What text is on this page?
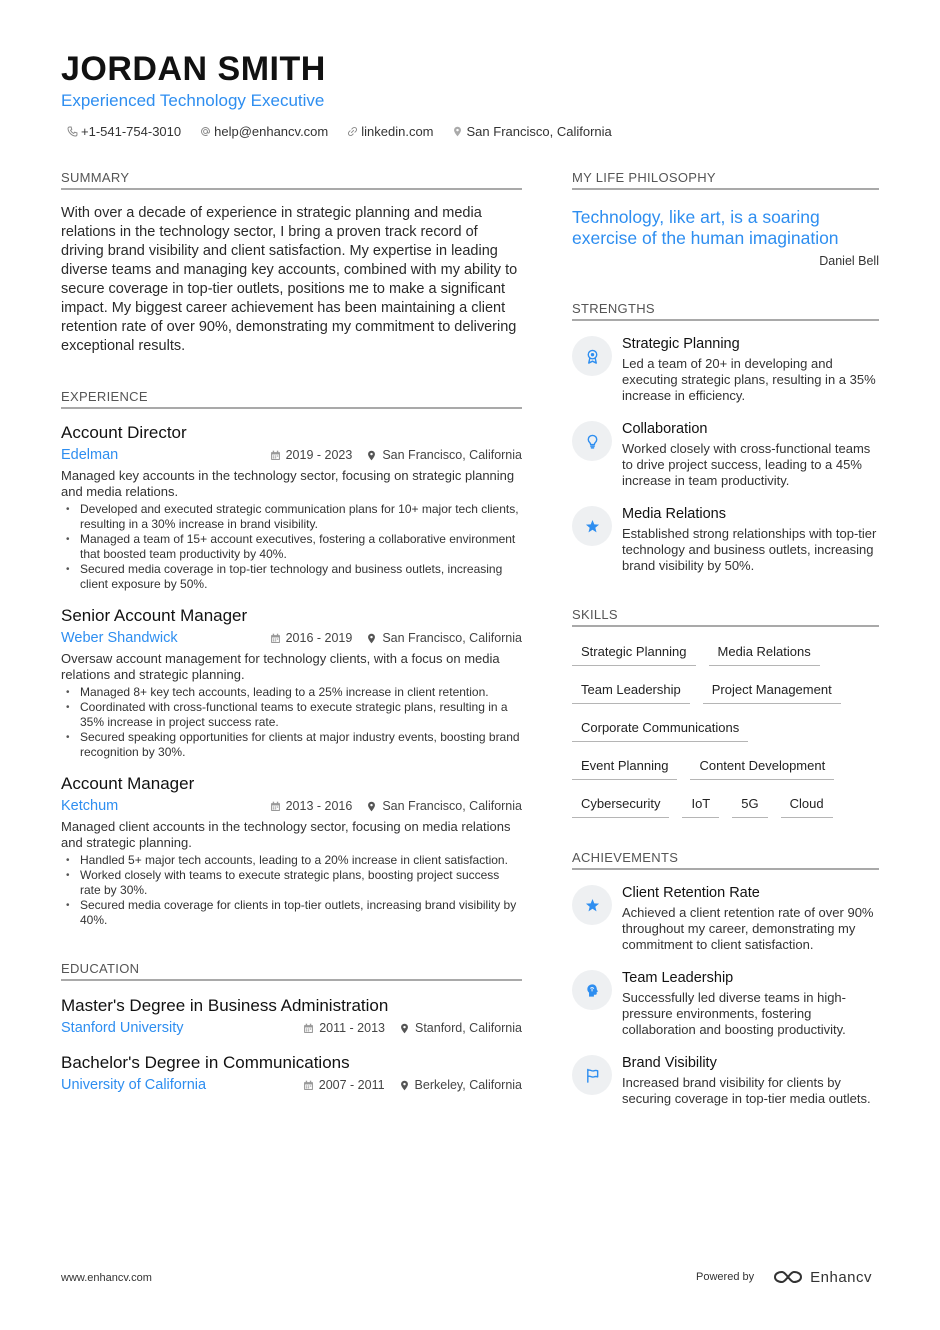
JORDAN SMITH
Experienced Technology Executive
+1-541-754-3010	help@enhancv.com	linkedin.com	San Francisco, California
SUMMARY

With over a decade of experience in strategic planning and media relations in the technology sector, I bring a proven track record of driving brand visibility and client satisfaction. My expertise in leading diverse teams and managing key accounts, combined with my ability to secure coverage in top-tier outlets, positions me to make a significant impact. My biggest career achievement has been maintaining a client retention rate of over 90%, demonstrating my commitment to delivering exceptional results.

EXPERIENCE
Account Director
Edelman	2019 - 2023 San Francisco, California

Managed key accounts in the technology sector, focusing on strategic planning and media relations.

• Developed and executed strategic communication plans for 10+ major tech clients, resulting in a 30% increase in brand visibility.
• Managed a team of 15+ account executives, fostering a collaborative environment that boosted team productivity by 40%.
• Secured media coverage in top-tier technology and business outlets, increasing client exposure by 50%.
Senior Account Manager
Weber Shandwick	2016 - 2019 San Francisco, California

Oversaw account management for technology clients, with a focus on media relations and strategic planning.

• Managed 8+ key tech accounts, leading to a 25% increase in client retention.
• Coordinated with cross-functional teams to execute strategic plans, resulting in a 35% increase in project success rate.
• Secured speaking opportunities for clients at major industry events, boosting brand recognition by 30%.
Account Manager
Ketchum	2013 - 2016 San Francisco, California

Managed client accounts in the technology sector, focusing on media relations and strategic planning.

• Handled 5+ major tech accounts, leading to a 20% increase in client satisfaction.
• Worked closely with teams to execute strategic plans, boosting project success rate by 30%.
• Secured media coverage for clients in top-tier outlets, increasing brand visibility by 40%.
EDUCATION
Master's Degree in Business Administration
Stanford University	2011 - 2013 Stanford, California
Bachelor's Degree in Communications
University of California	2007 - 2011 Berkeley, California
MY LIFE PHILOSOPHY
Technology, like art, is a soaring exercise of the human imagination
Daniel Bell
STRENGTHS
Strategic Planning
Led a team of 20+ in developing and executing strategic plans, resulting in a 35% increase in efficiency.
Collaboration
Worked closely with cross-functional teams to drive project success, leading to a 45% increase in team productivity.
Media Relations
Established strong relationships with top-tier technology and business outlets, increasing brand visibility by 50%.
SKILLS
Strategic Planning	Media Relations
Team Leadership	Project Management
Corporate Communications
Event Planning	Content Development
Cybersecurity	IoT	5G	Cloud
ACHIEVEMENTS
Client Retention Rate
Achieved a client retention rate of over 90% throughout my career, demonstrating my commitment to client satisfaction.
Team Leadership
Successfully led diverse teams in high-pressure environments, fostering collaboration and boosting productivity.
Brand Visibility
Increased brand visibility for clients by securing coverage in top-tier media outlets.
www.enhancv.com	Powered by	Enhancv
